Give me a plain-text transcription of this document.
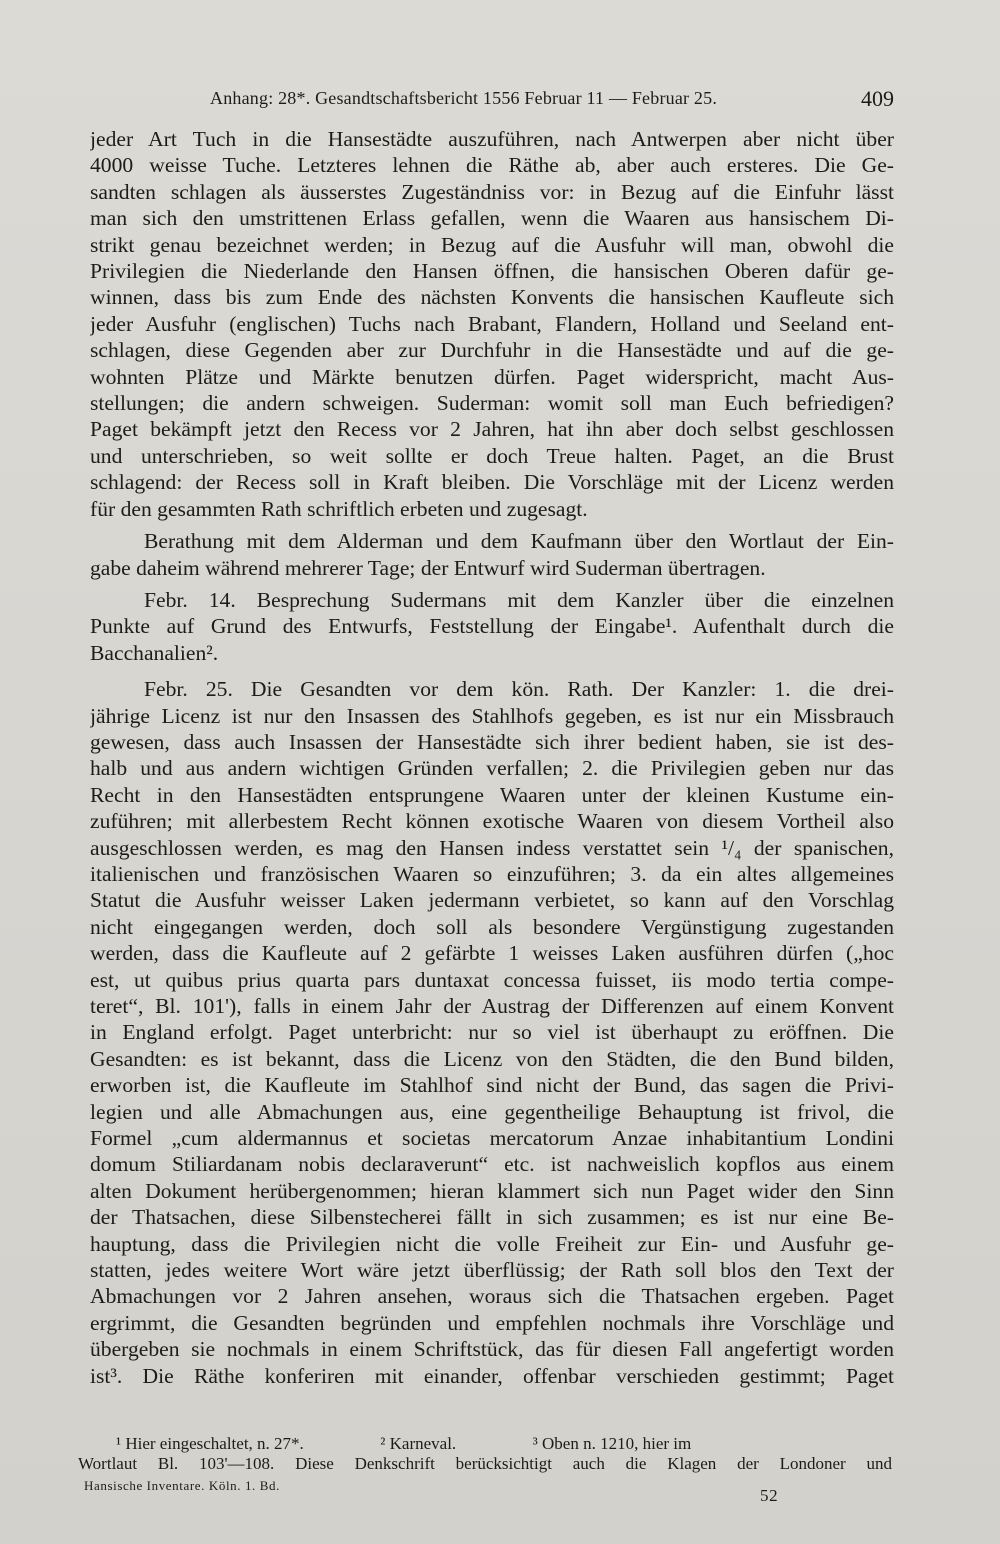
Anhang: 28*. Gesandtschaftsbericht 1556 Februar 11 — Februar 25.	409

jeder Art Tuch in die Hansestädte auszuführen, nach Antwerpen aber nicht über
4000 weisse Tuche. Letzteres lehnen die Räthe ab, aber auch ersteres. Die Ge-
sandten schlagen als äusserstes Zugeständniss vor: in Bezug auf die Einfuhr lässt
man sich den umstrittenen Erlass gefallen, wenn die Waaren aus hansischem Di-
strikt genau bezeichnet werden; in Bezug auf die Ausfuhr will man, obwohl die
Privilegien die Niederlande den Hansen öffnen, die hansischen Oberen dafür ge-
winnen, dass bis zum Ende des nächsten Konvents die hansischen Kaufleute sich
jeder Ausfuhr (englischen) Tuchs nach Brabant, Flandern, Holland und Seeland ent-
schlagen, diese Gegenden aber zur Durchfuhr in die Hansestädte und auf die ge-
wohnten Plätze und Märkte benutzen dürfen. Paget widerspricht, macht Aus-
stellungen; die andern schweigen. Suderman: womit soll man Euch befriedigen?
Paget bekämpft jetzt den Recess vor 2 Jahren, hat ihn aber doch selbst geschlossen
und unterschrieben, so weit sollte er doch Treue halten. Paget, an die Brust
schlagend: der Recess soll in Kraft bleiben. Die Vorschläge mit der Licenz werden
für den gesammten Rath schriftlich erbeten und zugesagt.

Berathung mit dem Alderman und dem Kaufmann über den Wortlaut der Ein-
gabe daheim während mehrerer Tage; der Entwurf wird Suderman übertragen.

Febr. 14. Besprechung Sudermans mit dem Kanzler über die einzelnen
Punkte auf Grund des Entwurfs, Feststellung der Eingabe¹. Aufenthalt durch die
Bacchanalien².

Febr. 25. Die Gesandten vor dem kön. Rath. Der Kanzler: 1. die drei-
jährige Licenz ist nur den Insassen des Stahlhofs gegeben, es ist nur ein Missbrauch
gewesen, dass auch Insassen der Hansestädte sich ihrer bedient haben, sie ist des-
halb und aus andern wichtigen Gründen verfallen; 2. die Privilegien geben nur das
Recht in den Hansestädten entsprungene Waaren unter der kleinen Kustume ein-
zuführen; mit allerbestem Recht können exotische Waaren von diesem Vortheil also
ausgeschlossen werden, es mag den Hansen indess verstattet sein ¹/₄ der spanischen,
italienischen und französischen Waaren so einzuführen; 3. da ein altes allgemeines
Statut die Ausfuhr weisser Laken jedermann verbietet, so kann auf den Vorschlag
nicht eingegangen werden, doch soll als besondere Vergünstigung zugestanden
werden, dass die Kaufleute auf 2 gefärbte 1 weisses Laken ausführen dürfen („hoc
est, ut quibus prius quarta pars duntaxat concessa fuisset, iis modo tertia compe-
teret“, Bl. 101'), falls in einem Jahr der Austrag der Differenzen auf einem Konvent
in England erfolgt. Paget unterbricht: nur so viel ist überhaupt zu eröffnen. Die
Gesandten: es ist bekannt, dass die Licenz von den Städten, die den Bund bilden,
erworben ist, die Kaufleute im Stahlhof sind nicht der Bund, das sagen die Privi-
legien und alle Abmachungen aus, eine gegentheilige Behauptung ist frivol, die
Formel „cum aldermannus et societas mercatorum Anzae inhabitantium Londini
domum Stiliardanam nobis declaraverunt“ etc. ist nachweislich kopflos aus einem
alten Dokument herübergenommen; hieran klammert sich nun Paget wider den Sinn
der Thatsachen, diese Silbenstecherei fällt in sich zusammen; es ist nur eine Be-
hauptung, dass die Privilegien nicht die volle Freiheit zur Ein- und Ausfuhr ge-
statten, jedes weitere Wort wäre jetzt überflüssig; der Rath soll blos den Text der
Abmachungen vor 2 Jahren ansehen, woraus sich die Thatsachen ergeben. Paget
ergrimmt, die Gesandten begründen und empfehlen nochmals ihre Vorschläge und
übergeben sie nochmals in einem Schriftstück, das für diesen Fall angefertigt worden
ist³. Die Räthe konferiren mit einander, offenbar verschieden gestimmt; Paget

¹ Hier eingeschaltet, n. 27*.                  ² Karneval.                  ³ Oben n. 1210, hier im
Wortlaut Bl. 103'—108. Diese Denkschrift berücksichtigt auch die Klagen der Londoner und
Hansische Inventare. Köln. 1. Bd.
52
